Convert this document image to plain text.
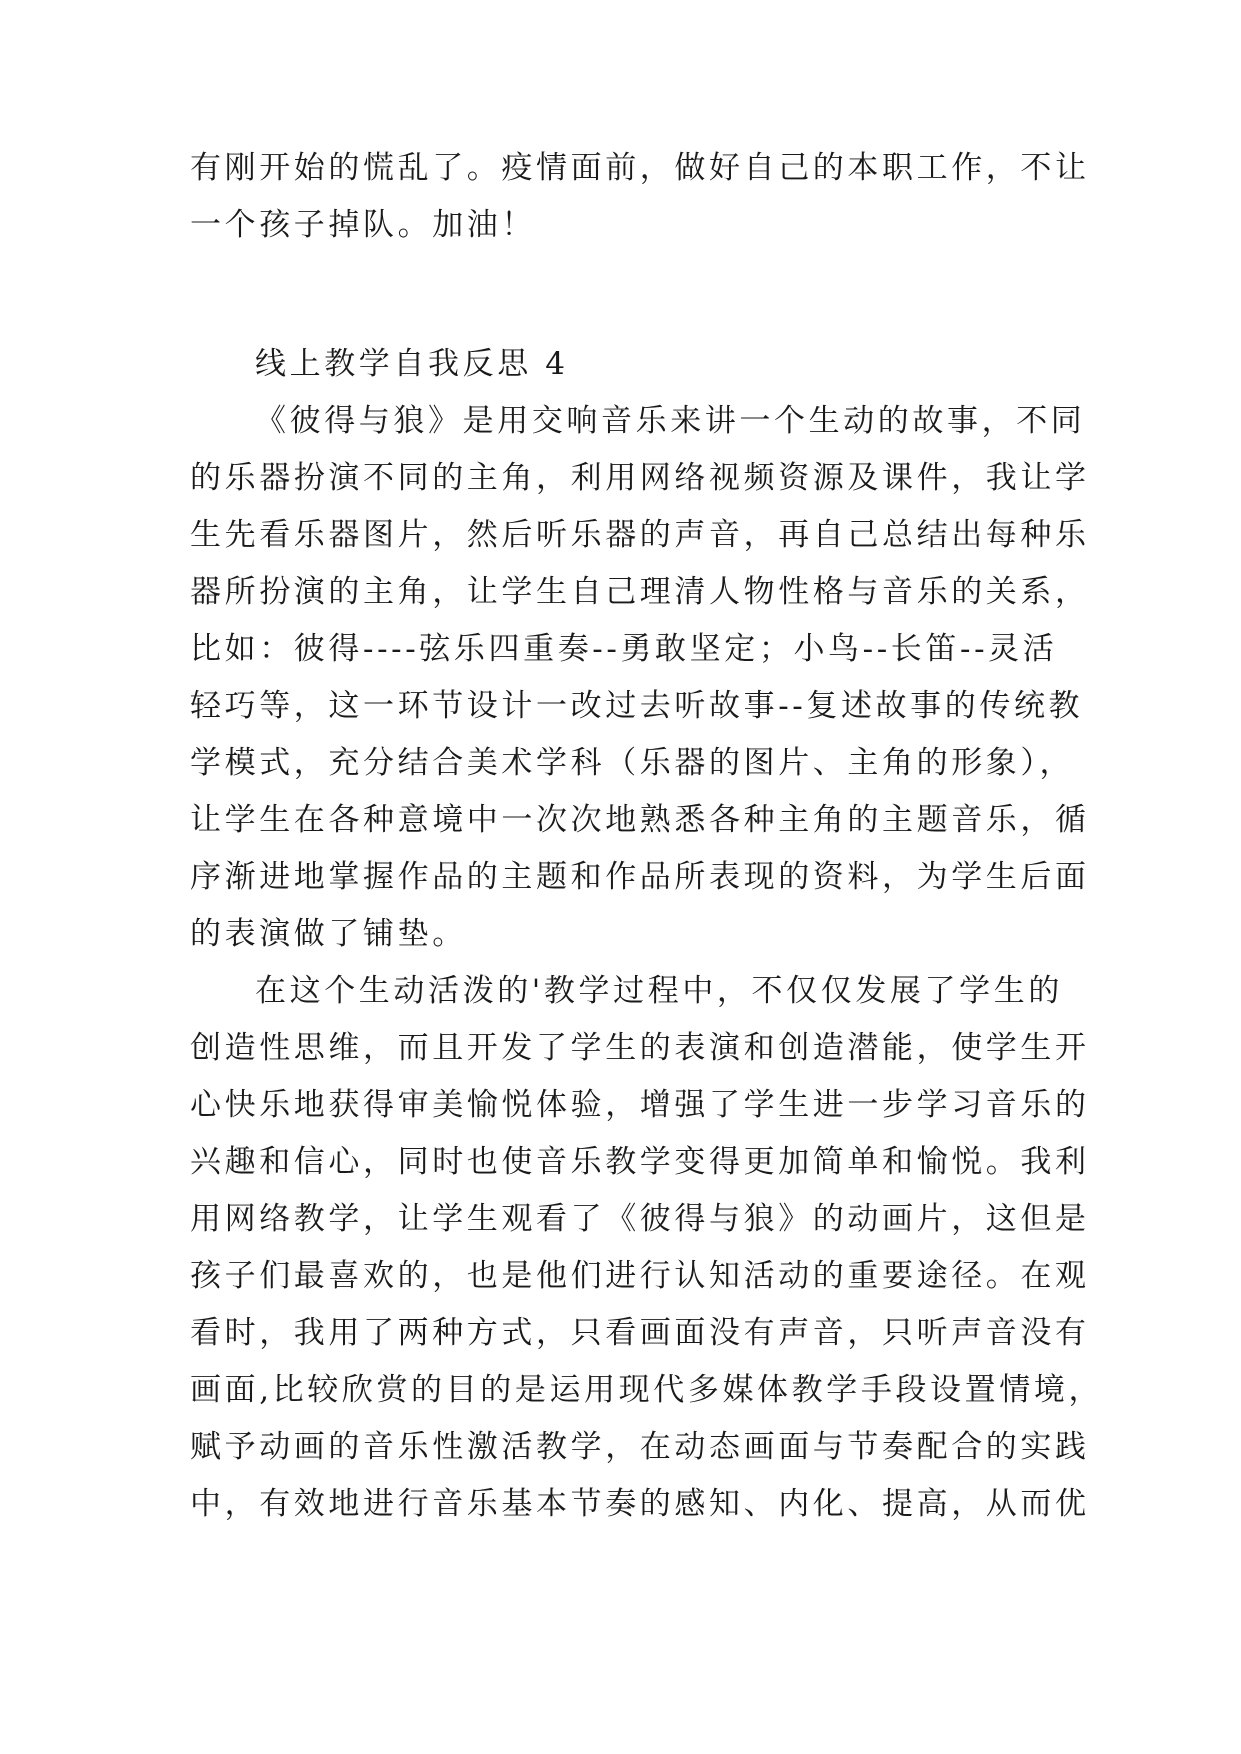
有刚开始的慌乱了。疫情面前，做好自己的本职工作，不让
一个孩子掉队。加油！
线上教学自我反思 4
《彼得与狼》是用交响音乐来讲一个生动的故事，不同
的乐器扮演不同的主角，利用网络视频资源及课件，我让学
生先看乐器图片，然后听乐器的声音，再自己总结出每种乐
器所扮演的主角，让学生自己理清人物性格与音乐的关系，
比如：彼得----弦乐四重奏--勇敢坚定；小鸟--长笛--灵活
轻巧等，这一环节设计一改过去听故事--复述故事的传统教
学模式，充分结合美术学科（乐器的图片、主角的形象），
让学生在各种意境中一次次地熟悉各种主角的主题音乐，循
序渐进地掌握作品的主题和作品所表现的资料，为学生后面
的表演做了铺垫。
在这个生动活泼的'教学过程中，不仅仅发展了学生的
创造性思维，而且开发了学生的表演和创造潜能，使学生开
心快乐地获得审美愉悦体验，增强了学生进一步学习音乐的
兴趣和信心，同时也使音乐教学变得更加简单和愉悦。我利
用网络教学，让学生观看了《彼得与狼》的动画片，这但是
孩子们最喜欢的，也是他们进行认知活动的重要途径。在观
看时，我用了两种方式，只看画面没有声音，只听声音没有
画面,比较欣赏的目的是运用现代多媒体教学手段设置情境，
赋予动画的音乐性激活教学，在动态画面与节奏配合的实践
中，有效地进行音乐基本节奏的感知、内化、提高，从而优
